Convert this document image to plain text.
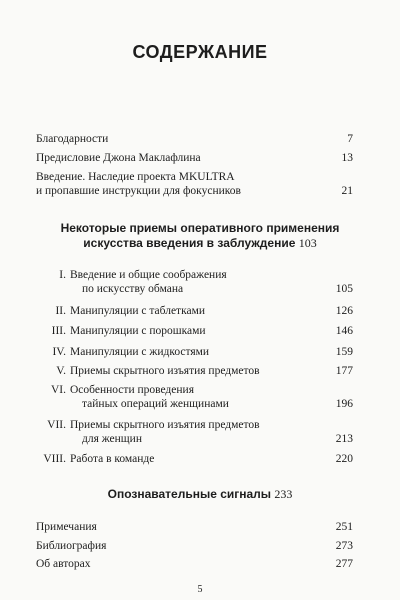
СОДЕРЖАНИЕ
Благодарности	7
Предисловие Джона Маклафлина	13
Введение. Наследие проекта MKULTRA
и пропавшие инструкции для фокусников	21
Некоторые приемы оперативного применения
искусства введения в заблуждение 103
I. Введение и общие соображения
по искусству обмана	105
II. Манипуляции с таблетками	126
III. Манипуляции с порошками	146
IV. Манипуляции с жидкостями	159
V. Приемы скрытного изъятия предметов	177
VI. Особенности проведения
тайных операций женщинами	196
VII. Приемы скрытного изъятия предметов
для женщин	213
VIII. Работа в команде	220
Опознавательные сигналы 233
Примечания	251
Библиография	273
Об авторах	277
5
